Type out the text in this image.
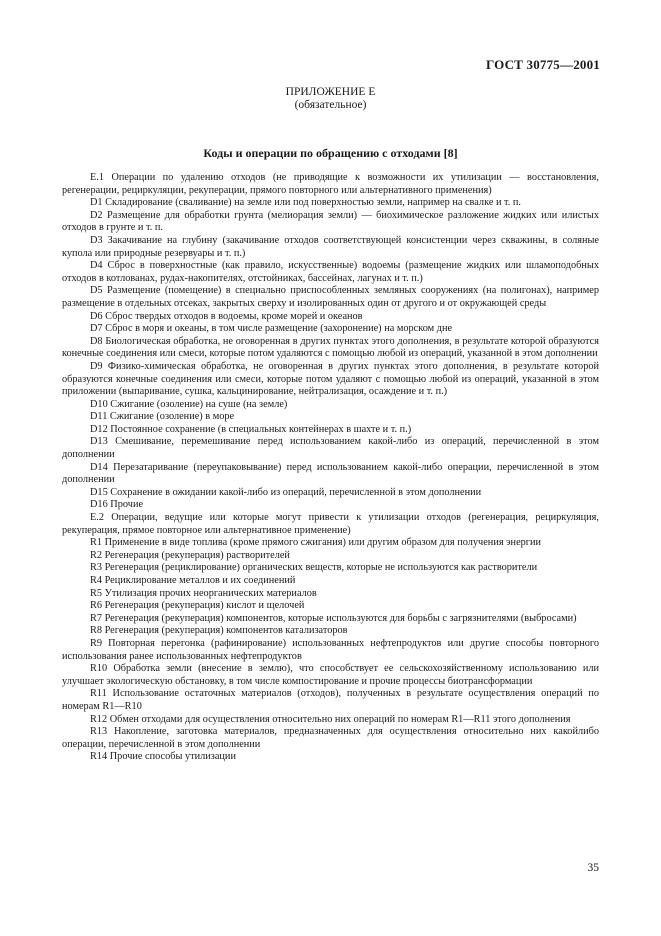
ГОСТ 30775—2001
ПРИЛОЖЕНИЕ Е
(обязательное)
Коды и операции по обращению с отходами [8]

Е.1 Операции по удалению отходов (не приводящие к возможности их утилизации — восстановления, регенерации, рециркуляции, рекуперации, прямого повторного или альтернативного применения)

D1 Складирование (сваливание) на земле или под поверхностью земли, например на свалке и т. п.

D2 Размещение для обработки грунта (мелиорация земли) — биохимическое разложение жидких или илистых отходов в грунте и т. п.

D3 Закачивание на глубину (закачивание отходов соответствующей консистенции через скважины, в соляные купола или природные резервуары и т. п.)

D4 Сброс в поверхностные (как правило, искусственные) водоемы (размещение жидких или шламоподобных отходов в котлованах, рудах-накопителях, отстойниках, бассейнах, лагунах и т. п.)

D5 Размещение (помещение) в специально приспособленных земляных сооружениях (на полигонах), например размещение в отдельных отсеках, закрытых сверху и изолированных один от другого и от окружающей среды

D6 Сброс твердых отходов в водоемы, кроме морей и океанов

D7 Сброс в моря и океаны, в том числе размещение (захоронение) на морском дне

D8 Биологическая обработка, не оговоренная в других пунктах этого дополнения, в результате которой образуются конечные соединения или смеси, которые потом удаляются с помощью любой из операций, указанной в этом дополнении

D9 Физико-химическая обработка, не оговоренная в других пунктах этого дополнения, в результате которой образуются конечные соединения или смеси, которые потом удаляют с помощью любой из операций, указанной в этом приложении (выпаривание, сушка, кальцинирование, нейтрализация, осаждение и т. п.)

D10 Сжигание (озоление) на суше (на земле)

D11 Сжигание (озоление) в море

D12 Постоянное сохранение (в специальных контейнерах в шахте и т. п.)

D13 Смешивание, перемешивание перед использованием какой-либо из операций, перечисленной в этом дополнении

D14 Перезатаривание (переупаковывание) перед использованием какой-либо операции, перечисленной в этом дополнении

D15 Сохранение в ожидании какой-либо из операций, перечисленной в этом дополнении

D16 Прочие

Е.2 Операции, ведущие или которые могут привести к утилизации отходов (регенерация, рециркуляция, рекуперация, прямое повторное или альтернативное применение)

R1 Применение в виде топлива (кроме прямого сжигания) или другим образом для получения энергии

R2 Регенерация (рекуперация) растворителей

R3 Регенерация (рециклирование) органических веществ, которые не используются как растворители

R4 Рециклирование металлов и их соединений

R5 Утилизация прочих неорганических материалов

R6 Регенерация (рекуперация) кислот и щелочей

R7 Регенерация (рекуперация) компонентов, которые используются для борьбы с загрязнителями (выбросами)

R8 Регенерация (рекуперация) компонентов катализаторов

R9 Повторная перегонка (рафинирование) использованных нефтепродуктов или другие способы повторного использования ранее использованных нефтепродуктов

R10 Обработка земли (внесение в землю), что способствует ее сельскохозяйственному использованию или улучшает экологическую обстановку, в том числе компостирование и прочие процессы биотрансформации

R11 Использование остаточных материалов (отходов), полученных в результате осуществления операций по номерам R1—R10

R12 Обмен отходами для осуществления относительно них операций по номерам R1—R11 этого дополнения

R13 Накопление, заготовка материалов, предназначенных для осуществления относительно них какойлибо операции, перечисленной в этом дополнении

R14 Прочие способы утилизации

35
